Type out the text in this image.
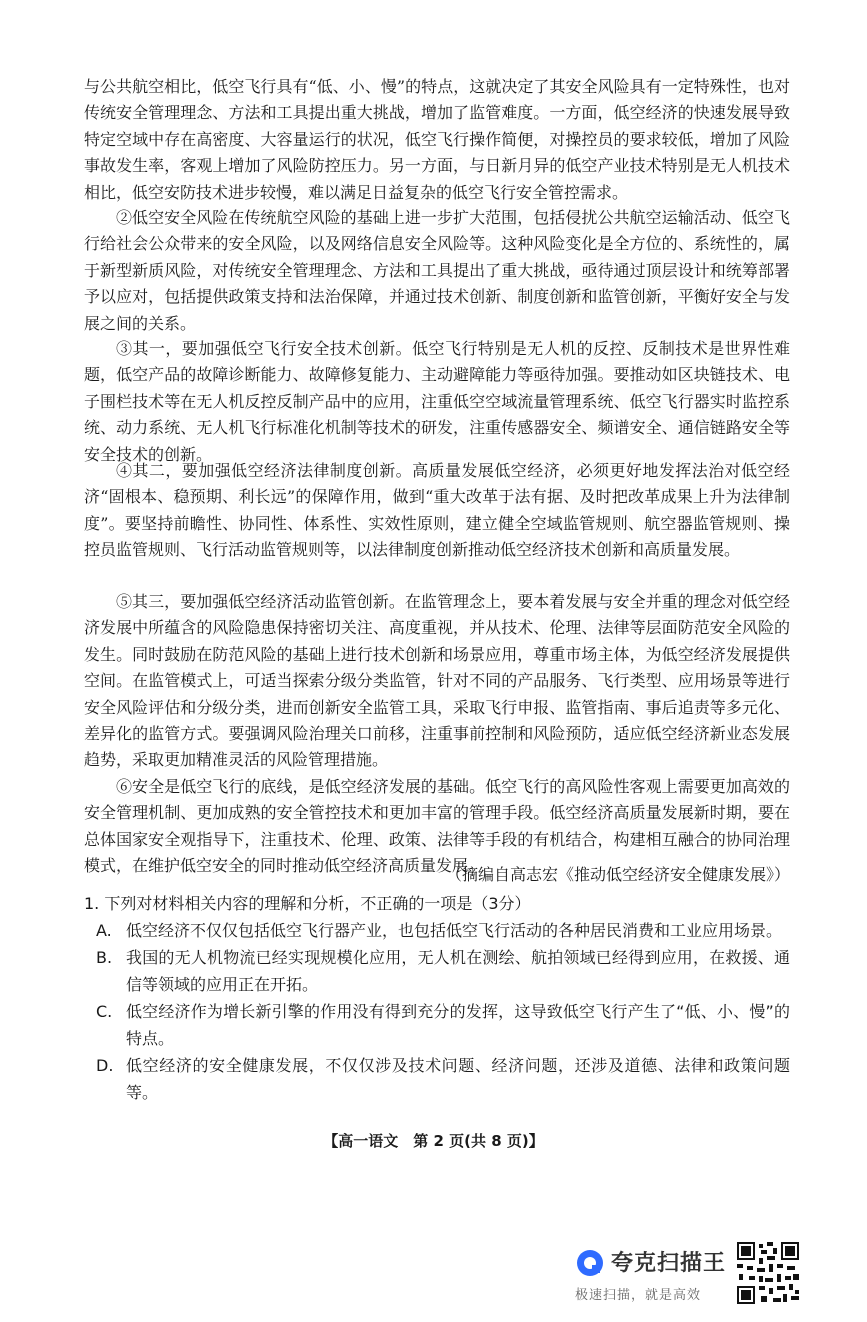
与公共航空相比，低空飞行具有“低、小、慢”的特点，这就决定了其安全风险具有一定特殊性，也对传统安全管理理念、方法和工具提出重大挑战，增加了监管难度。一方面，低空经济的快速发展导致特定空域中存在高密度、大容量运行的状况，低空飞行操作简便，对操控员的要求较低，增加了风险事故发生率，客观上增加了风险防控压力。另一方面，与日新月异的低空产业技术特别是无人机技术相比，低空安防技术进步较慢，难以满足日益复杂的低空飞行安全管控需求。

②低空安全风险在传统航空风险的基础上进一步扩大范围，包括侵扰公共航空运输活动、低空飞行给社会公众带来的安全风险，以及网络信息安全风险等。这种风险变化是全方位的、系统性的，属于新型新质风险，对传统安全管理理念、方法和工具提出了重大挑战，亟待通过顶层设计和统筹部署予以应对，包括提供政策支持和法治保障，并通过技术创新、制度创新和监管创新，平衡好安全与发展之间的关系。

③其一，要加强低空飞行安全技术创新。低空飞行特别是无人机的反控、反制技术是世界性难题，低空产品的故障诊断能力、故障修复能力、主动避障能力等亟待加强。要推动如区块链技术、电子围栏技术等在无人机反控反制产品中的应用，注重低空空域流量管理系统、低空飞行器实时监控系统、动力系统、无人机飞行标准化机制等技术的研发，注重传感器安全、频谱安全、通信链路安全等安全技术的创新。

④其二，要加强低空经济法律制度创新。高质量发展低空经济，必须更好地发挥法治对低空经济“固根本、稳预期、利长远”的保障作用，做到“重大改革于法有据、及时把改革成果上升为法律制度”。要坚持前瞻性、协同性、体系性、实效性原则，建立健全空域监管规则、航空器监管规则、操控员监管规则、飞行活动监管规则等，以法律制度创新推动低空经济技术创新和高质量发展。

⑤其三，要加强低空经济活动监管创新。在监管理念上，要本着发展与安全并重的理念对低空经济发展中所蕴含的风险隐患保持密切关注、高度重视，并从技术、伦理、法律等层面防范安全风险的发生。同时鼓励在防范风险的基础上进行技术创新和场景应用，尊重市场主体，为低空经济发展提供空间。在监管模式上，可适当探索分级分类监管，针对不同的产品服务、飞行类型、应用场景等进行安全风险评估和分级分类，进而创新安全监管工具，采取飞行申报、监管指南、事后追责等多元化、差异化的监管方式。要强调风险治理关口前移，注重事前控制和风险预防，适应低空经济新业态发展趋势，采取更加精准灵活的风险管理措施。

⑥安全是低空飞行的底线，是低空经济发展的基础。低空飞行的高风险性客观上需要更加高效的安全管理机制、更加成熟的安全管控技术和更加丰富的管理手段。低空经济高质量发展新时期，要在总体国家安全观指导下，注重技术、伦理、政策、法律等手段的有机结合，构建相互融合的协同治理模式，在维护低空安全的同时推动低空经济高质量发展。

（摘编自高志宏《推动低空经济安全健康发展》）

1. 下列对材料相关内容的理解和分析，不正确的一项是（3分）

A. 低空经济不仅仅包括低空飞行器产业，也包括低空飞行活动的各种居民消费和工业应用场景。
B. 我国的无人机物流已经实现规模化应用，无人机在测绘、航拍领域已经得到应用，在救援、通信等领域的应用正在开拓。
C. 低空经济作为增长新引擎的作用没有得到充分的发挥，这导致低空飞行产生了“低、小、慢”的特点。
D. 低空经济的安全健康发展，不仅仅涉及技术问题、经济问题，还涉及道德、法律和政策问题等。
【高一语文　第 2 页(共 8 页)】
夸克扫描王
极速扫描，就是高效
